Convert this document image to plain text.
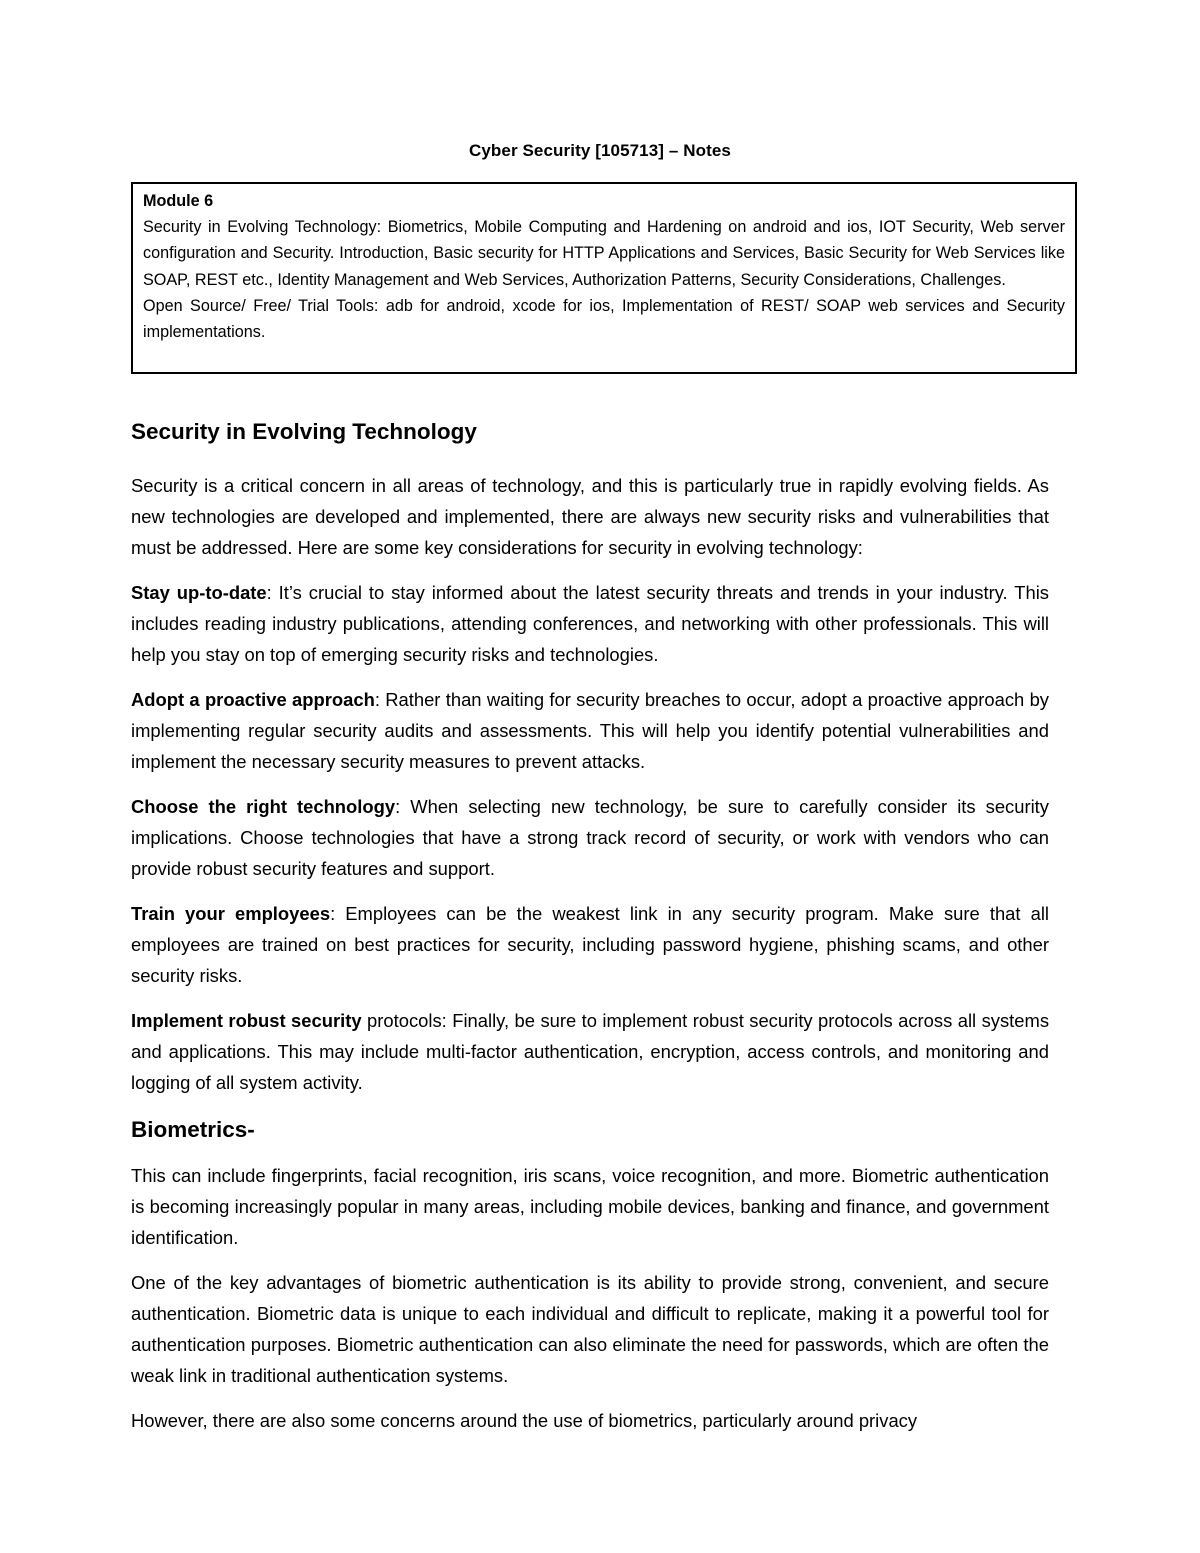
Cyber Security [105713] – Notes

Module 6

Security in Evolving Technology: Biometrics, Mobile Computing and Hardening on android and ios, IOT Security, Web server configuration and Security. Introduction, Basic security for HTTP Applications and Services, Basic Security for Web Services like SOAP, REST etc., Identity Management and Web Services, Authorization Patterns, Security Considerations, Challenges.

Open Source/ Free/ Trial Tools: adb for android, xcode for ios, Implementation of REST/ SOAP web services and Security implementations.

Security in Evolving Technology

Security is a critical concern in all areas of technology, and this is particularly true in rapidly evolving fields. As new technologies are developed and implemented, there are always new security risks and vulnerabilities that must be addressed. Here are some key considerations for security in evolving technology:

Stay up-to-date: It’s crucial to stay informed about the latest security threats and trends in your industry. This includes reading industry publications, attending conferences, and networking with other professionals. This will help you stay on top of emerging security risks and technologies.

Adopt a proactive approach: Rather than waiting for security breaches to occur, adopt a proactive approach by implementing regular security audits and assessments. This will help you identify potential vulnerabilities and implement the necessary security measures to prevent attacks.

Choose the right technology: When selecting new technology, be sure to carefully consider its security implications. Choose technologies that have a strong track record of security, or work with vendors who can provide robust security features and support.

Train your employees: Employees can be the weakest link in any security program. Make sure that all employees are trained on best practices for security, including password hygiene, phishing scams, and other security risks.

Implement robust security protocols: Finally, be sure to implement robust security protocols across all systems and applications. This may include multi-factor authentication, encryption, access controls, and monitoring and logging of all system activity.

Biometrics-

This can include fingerprints, facial recognition, iris scans, voice recognition, and more. Biometric authentication is becoming increasingly popular in many areas, including mobile devices, banking and finance, and government identification.

One of the key advantages of biometric authentication is its ability to provide strong, convenient, and secure authentication. Biometric data is unique to each individual and difficult to replicate, making it a powerful tool for authentication purposes. Biometric authentication can also eliminate the need for passwords, which are often the weak link in traditional authentication systems.

However, there are also some concerns around the use of biometrics, particularly around privacy
